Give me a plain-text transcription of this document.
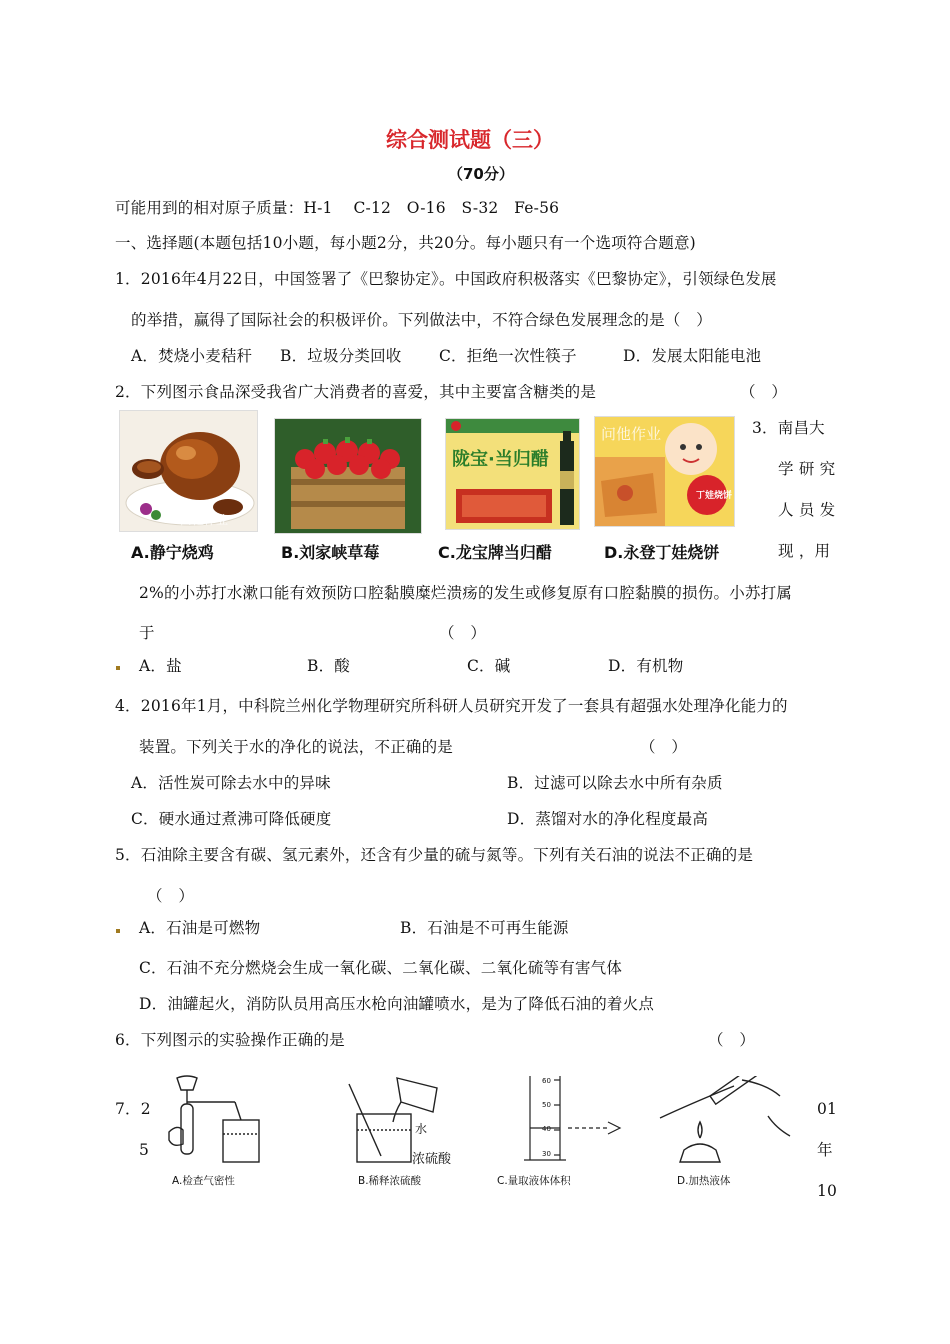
综合测试题（三）
（70分）
可能用到的相对原子质量：H-1　 C-12　O-16　S-32　Fe-56
一、选择题(本题包括10小题，每小题2分，共20分。每小题只有一个选项符合题意)
1．2016年4月22日，中国签署了《巴黎协定》。中国政府积极落实《巴黎协定》，引领绿色发展
的举措，赢得了国际社会的积极评价。下列做法中，不符合绿色发展理念的是（　）
A．焚烧小麦秸秆 B．垃圾分类回收 C．拒绝一次性筷子	D．发展太阳能电池
2．下列图示食品深受我省广大消费者的喜爱，其中主要富含糖类的是	（　）
问他作业
陇宝·当归醋
丁娃烧饼
问他作业
A.静宁烧鸡	B.刘家峡草莓	C.龙宝牌当归醋	D.永登丁娃烧饼
3．南昌大
学 研 究
人 员 发
现 ，用
2%的小苏打水漱口能有效预防口腔黏膜糜烂溃疡的发生或修复原有口腔黏膜的损伤。小苏打属
于	（　）
A．盐	B．酸	C．碱	D．有机物
4．2016年1月，中科院兰州化学物理研究所科研人员研究开发了一套具有超强水处理净化能力的
装置。下列关于水的净化的说法，不正确的是	（　）
A．活性炭可除去水中的异味	B．过滤可以除去水中所有杂质
C．硬水通过煮沸可降低硬度	D．蒸馏对水的净化程度最高
5．石油除主要含有碳、氢元素外，还含有少量的硫与氮等。下列有关石油的说法不正确的是
（　）
A．石油是可燃物	B．石油是不可再生能源
C．石油不充分燃烧会生成一氧化碳、二氧化碳、二氧化硫等有害气体
D．油罐起火，消防队员用高压水枪向油罐喷水，是为了降低石油的着火点
6．下列图示的实验操作正确的是	（　）
A.检查气密性
水
浓硫酸
B.稀释浓硫酸
60
50
40
30
C.量取液体体积	D.加热液体
7．2
5
01
年
10
